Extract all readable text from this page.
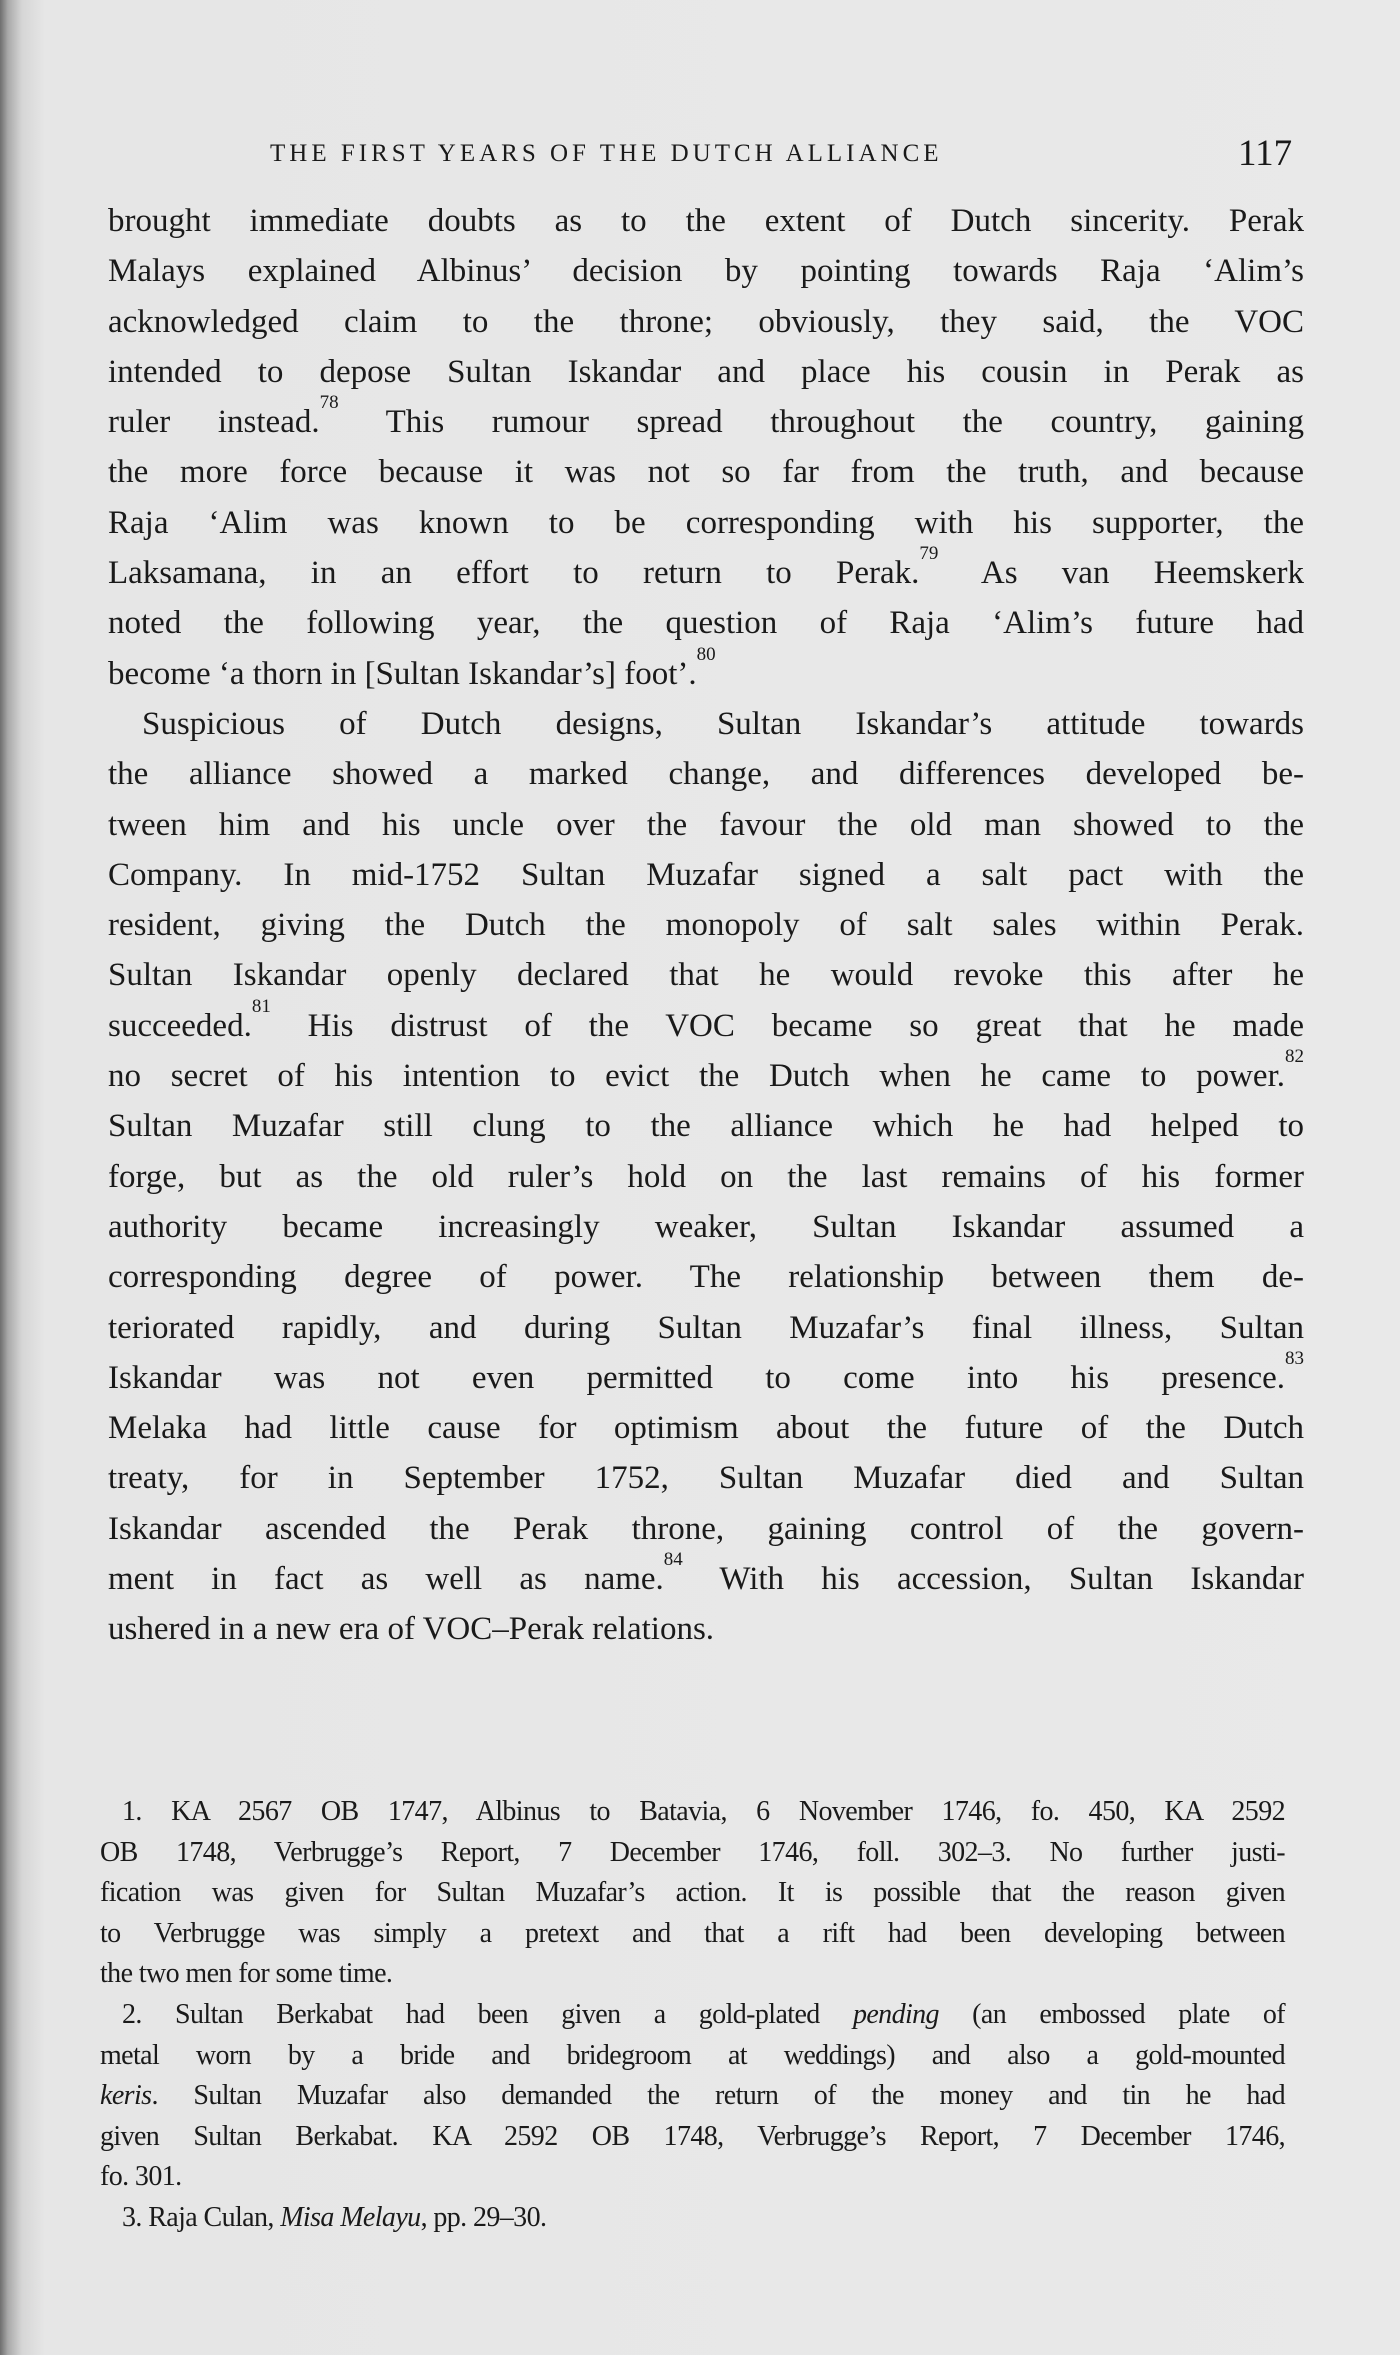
THE FIRST YEARS OF THE DUTCH ALLIANCE	117
brought immediate doubts as to the extent of Dutch sincerity. Perak
Malays explained Albinus’ decision by pointing towards Raja ‘Alim’s
acknowledged claim to the throne; obviously, they said, the VOC
intended to depose Sultan Iskandar and place his cousin in Perak as
ruler instead.$^{78}$ This rumour spread throughout the country, gaining
the more force because it was not so far from the truth, and because
Raja ‘Alim was known to be corresponding with his supporter, the
Laksamana, in an effort to return to Perak.$^{79}$ As van Heemskerk
noted the following year, the question of Raja ‘Alim’s future had
become ‘a thorn in [Sultan Iskandar’s] foot’.$^{80}$
Suspicious of Dutch designs, Sultan Iskandar’s attitude towards
the alliance showed a marked change, and differences developed be-
tween him and his uncle over the favour the old man showed to the
Company. In mid-1752 Sultan Muzafar signed a salt pact with the
resident, giving the Dutch the monopoly of salt sales within Perak.
Sultan Iskandar openly declared that he would revoke this after he
succeeded.$^{81}$ His distrust of the VOC became so great that he made
no secret of his intention to evict the Dutch when he came to power.$^{82}$
Sultan Muzafar still clung to the alliance which he had helped to
forge, but as the old ruler’s hold on the last remains of his former
authority became increasingly weaker, Sultan Iskandar assumed a
corresponding degree of power. The relationship between them de-
teriorated rapidly, and during Sultan Muzafar’s final illness, Sultan
Iskandar was not even permitted to come into his presence.$^{83}$
Melaka had little cause for optimism about the future of the Dutch
treaty, for in September 1752, Sultan Muzafar died and Sultan
Iskandar ascended the Perak throne, gaining control of the govern-
ment in fact as well as name.$^{84}$ With his accession, Sultan Iskandar
ushered in a new era of VOC–Perak relations.
1. KA 2567 OB 1747, Albinus to Batavia, 6 November 1746, fo. 450, KA 2592
OB 1748, Verbrugge’s Report, 7 December 1746, foll. 302–3. No further justi-
fication was given for Sultan Muzafar’s action. It is possible that the reason given
to Verbrugge was simply a pretext and that a rift had been developing between
the two men for some time.
2. Sultan Berkabat had been given a gold-plated pending (an embossed plate of
metal worn by a bride and bridegroom at weddings) and also a gold-mounted
keris. Sultan Muzafar also demanded the return of the money and tin he had
given Sultan Berkabat. KA 2592 OB 1748, Verbrugge’s Report, 7 December 1746,
fo. 301.
3. Raja Culan, Misa Melayu, pp. 29–30.
